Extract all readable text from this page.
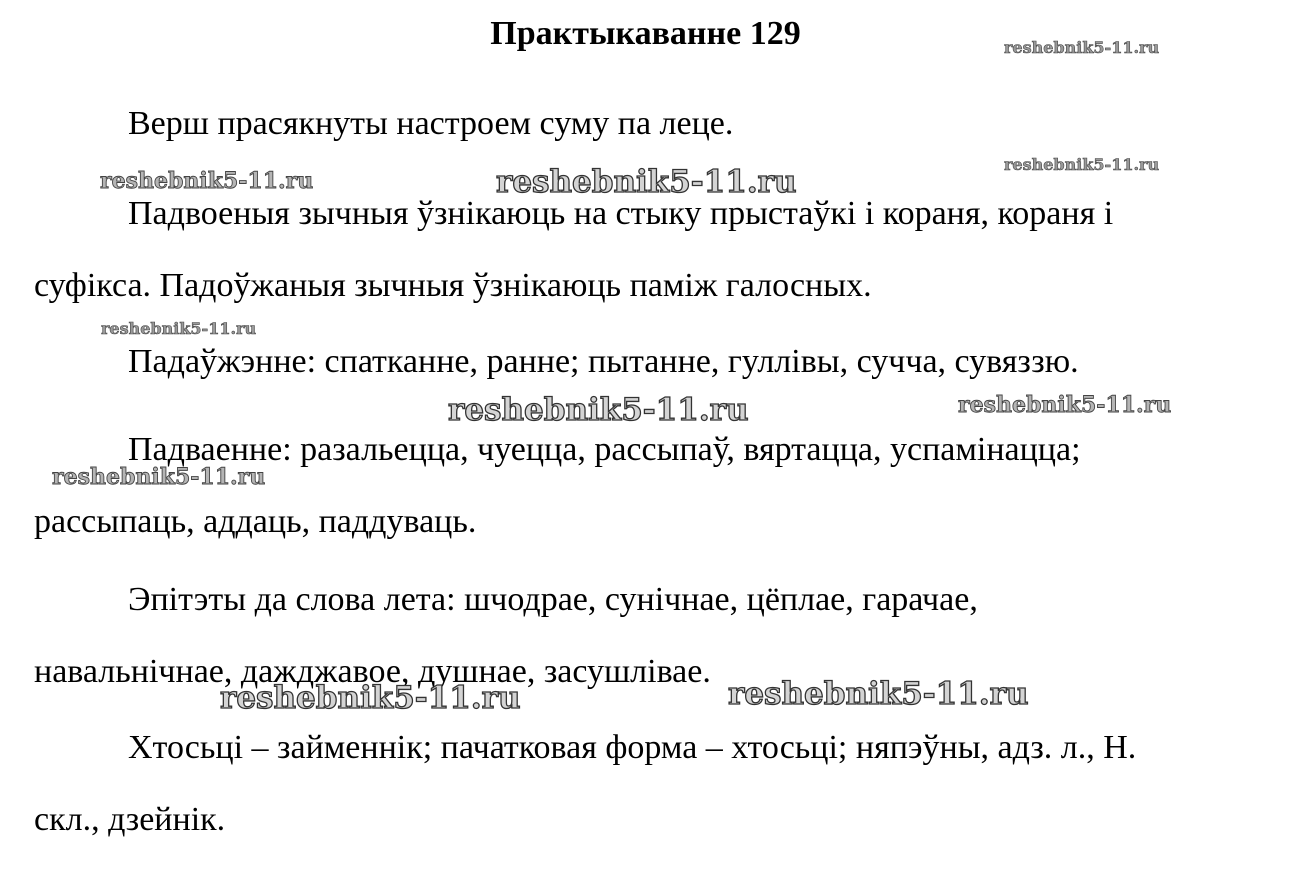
Практыкаванне 129

Верш прасякнуты настроем суму па леце.

Падвоеныя зычныя ўзнікаюць на стыку прыстаўкі і кораня, кораня і
суфікса. Падоўжаныя зычныя ўзнікаюць паміж галосных.

Падаўжэнне: спатканне, ранне; пытанне, гуллівы, сучча, сувяззю.

Падваенне: разальецца, чуецца, рассыпаў, вяртацца, успамінацца;
рассыпаць, аддаць, паддуваць.

Эпітэты да слова лета: шчодрае, сунічнае, цёплае, гарачае,
навальнічнае, дажджавое, душнае, засушлівае.

Хтосьці – займеннік; пачатковая форма – хтосьці; няпэўны, адз. л., Н.
скл., дзейнік.

reshebnik5-11.ru
reshebnik5-11.ru
reshebnik5-11.ru	reshebnik5-11.ru
reshebnik5-11.ru
reshebnik5-11.ru	reshebnik5-11.ru
reshebnik5-11.ru
reshebnik5-11.ru	reshebnik5-11.ru
